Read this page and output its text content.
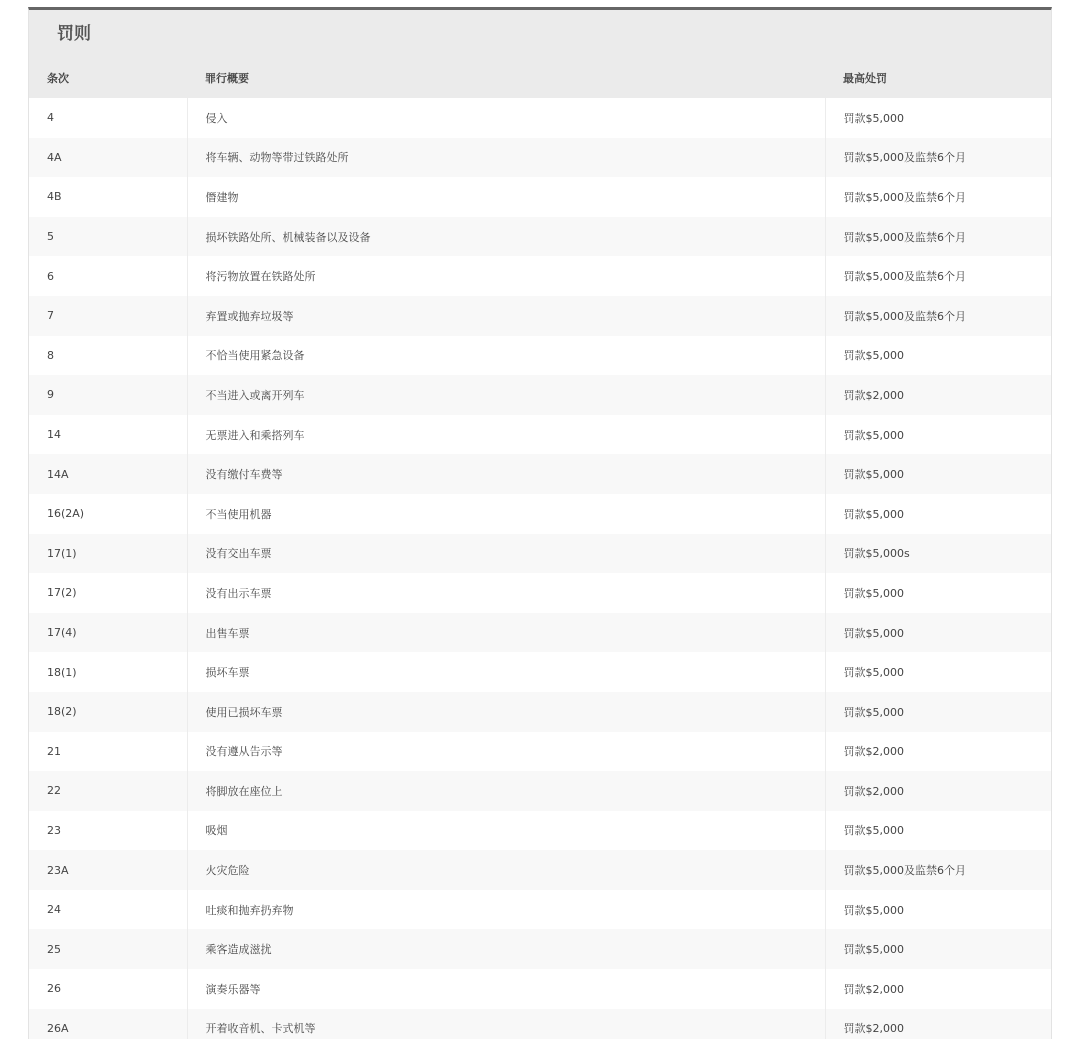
罚则
条次	罪行概要	最高处罚
4	侵入	罚款$5,000
4A	将车辆、动物等带过铁路处所	罚款$5,000及监禁6个月
4B	僭建物	罚款$5,000及监禁6个月
5	损坏铁路处所、机械装备以及设备	罚款$5,000及监禁6个月
6	将污物放置在铁路处所	罚款$5,000及监禁6个月
7	弃置或抛弃垃圾等	罚款$5,000及监禁6个月
8	不恰当使用紧急设备	罚款$5,000
9	不当进入或离开列车	罚款$2,000
14	无票进入和乘搭列车	罚款$5,000
14A	没有缴付车费等	罚款$5,000
16(2A)	不当使用机器	罚款$5,000
17(1)	没有交出车票	罚款$5,000s
17(2)	没有出示车票	罚款$5,000
17(4)	出售车票	罚款$5,000
18(1)	损坏车票	罚款$5,000
18(2)	使用已损坏车票	罚款$5,000
21	没有遵从告示等	罚款$2,000
22	将脚放在座位上	罚款$2,000
23	吸烟	罚款$5,000
23A	火灾危险	罚款$5,000及监禁6个月
24	吐痰和抛弃扔弃物	罚款$5,000
25	乘客造成滋扰	罚款$5,000
26	演奏乐器等	罚款$2,000
26A	开着收音机、卡式机等	罚款$2,000
